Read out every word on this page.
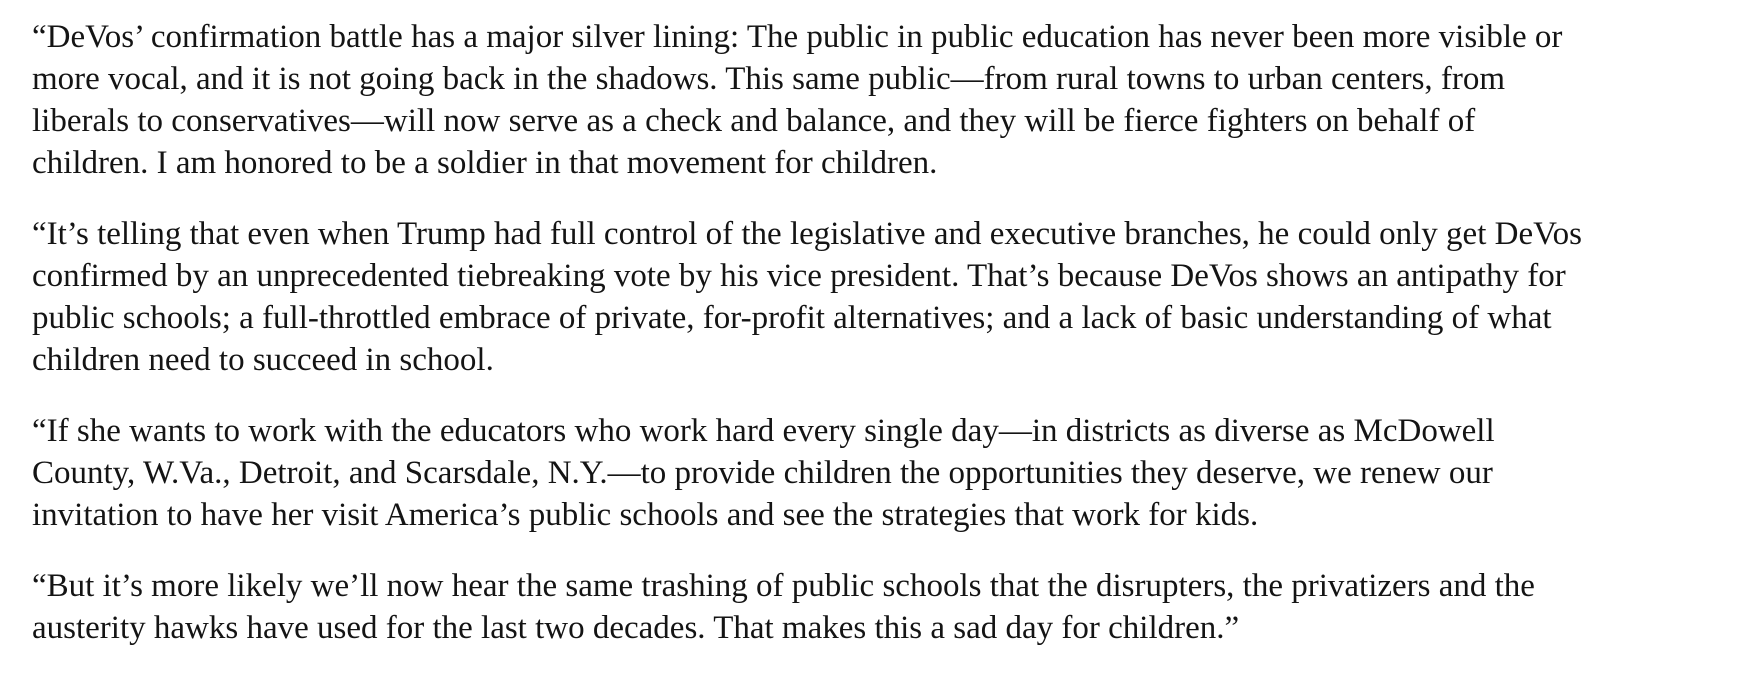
“DeVos’ confirmation battle has a major silver lining: The public in public education has never been more visible or
more vocal, and it is not going back in the shadows. This same public—from rural towns to urban centers, from
liberals to conservatives—will now serve as a check and balance, and they will be fierce fighters on behalf of
children. I am honored to be a soldier in that movement for children.

“It’s telling that even when Trump had full control of the legislative and executive branches, he could only get DeVos
confirmed by an unprecedented tiebreaking vote by his vice president. That’s because DeVos shows an antipathy for
public schools; a full-throttled embrace of private, for-profit alternatives; and a lack of basic understanding of what
children need to succeed in school.

“If she wants to work with the educators who work hard every single day—in districts as diverse as McDowell
County, W.Va., Detroit, and Scarsdale, N.Y.—to provide children the opportunities they deserve, we renew our
invitation to have her visit America’s public schools and see the strategies that work for kids.

“But it’s more likely we’ll now hear the same trashing of public schools that the disrupters, the privatizers and the
austerity hawks have used for the last two decades. That makes this a sad day for children.”
